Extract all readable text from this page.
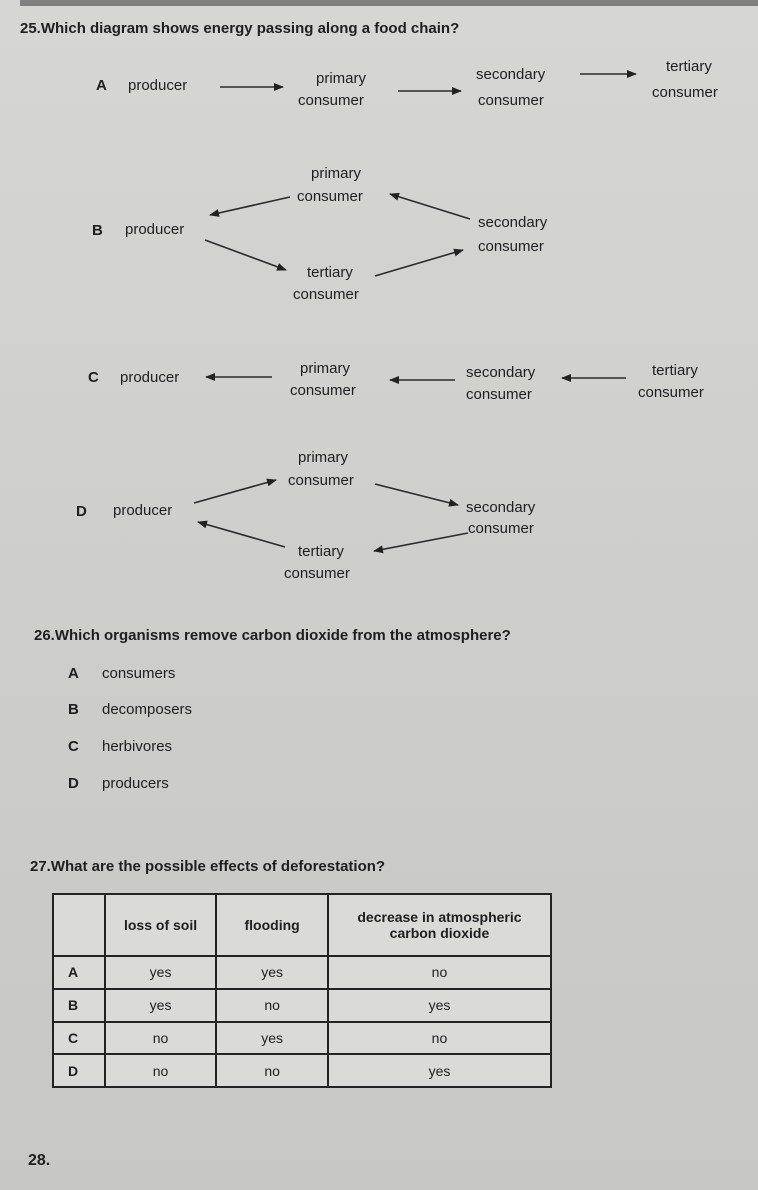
25.Which diagram shows energy passing along a food chain?
A producer	primary
consumer
secondary
consumer
tertiary
consumer
B producer
primary
consumer
secondary
consumer
tertiary
consumer
C producer
primary
consumer
secondary
consumer
tertiary
consumer
D producer
primary
consumer
secondary
consumer
tertiary
consumer
26.Which organisms remove carbon dioxide from the atmosphere?
A consumers
B decomposers
C herbivores
D producers
27.What are the possible effects of deforestation?
	loss of soil	flooding	decrease in atmospheric
carbon dioxide
A	yes	yes	no
B	yes	no	yes
C	no	yes	no
D	no	no	yes
28.
